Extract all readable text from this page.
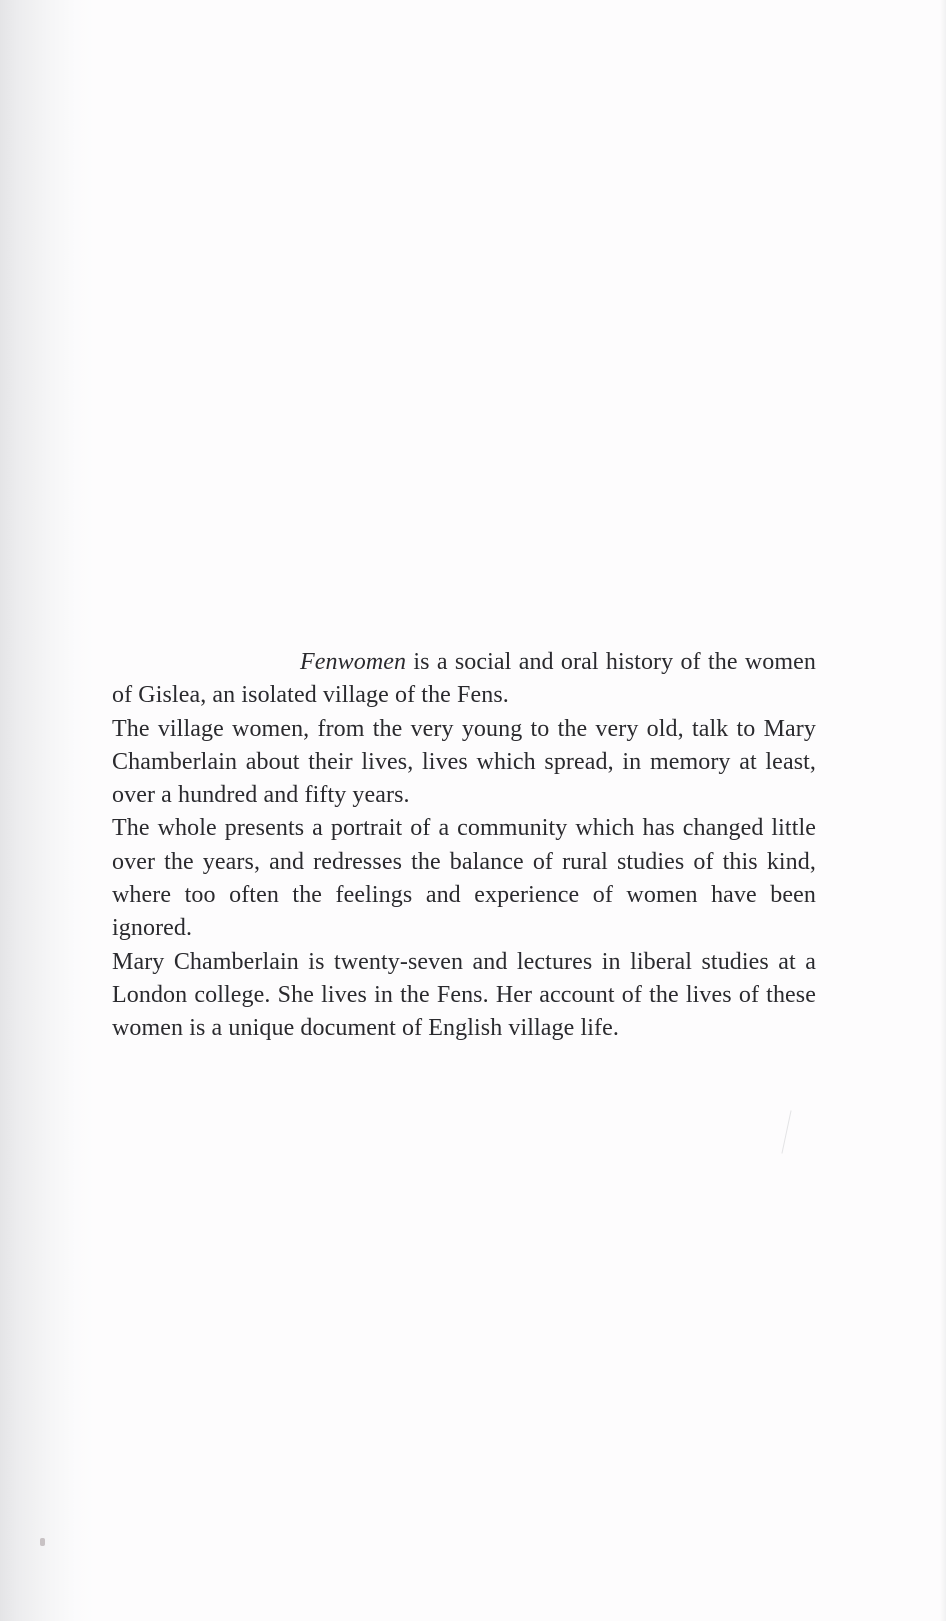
Fenwomen is a social and oral history of the women of Gislea, an isolated village of the Fens.

The village women, from the very young to the very old, talk to Mary Chamberlain about their lives, lives which spread, in memory at least, over a hundred and fifty years.

The whole presents a portrait of a community which has changed little over the years, and redresses the balance of rural studies of this kind, where too often the feelings and experience of women have been ignored.

Mary Chamberlain is twenty-seven and lectures in liberal studies at a London college. She lives in the Fens. Her account of the lives of these women is a unique document of English village life.
